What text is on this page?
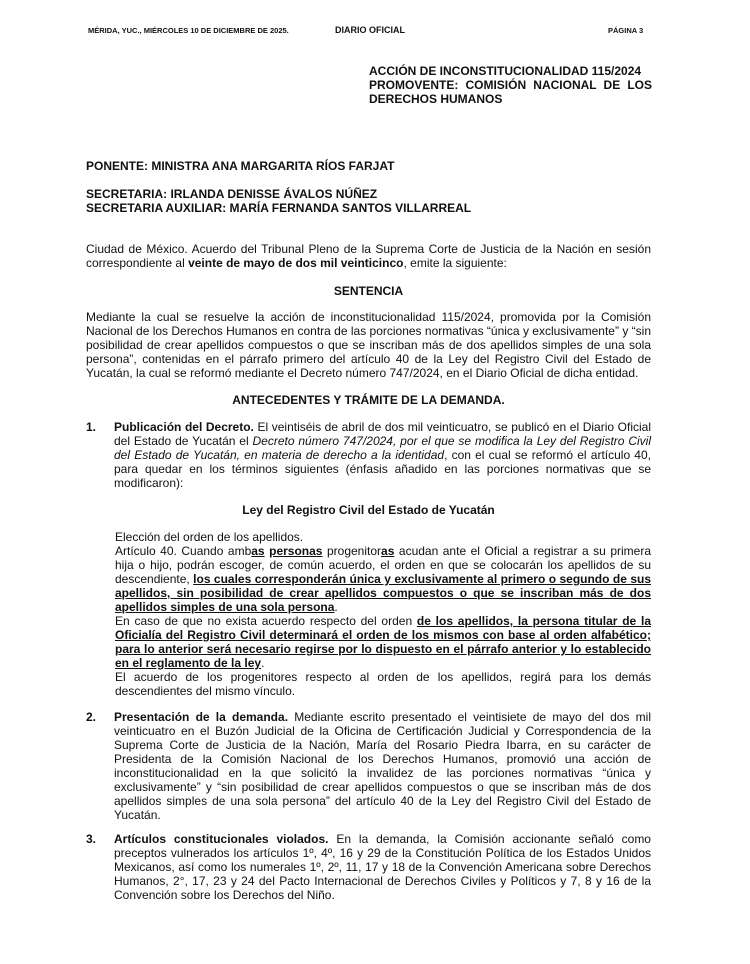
MÉRIDA, YUC., MIÉRCOLES 10 DE DICIEMBRE DE 2025.	DIARIO OFICIAL	PÁGINA 3
ACCIÓN DE INCONSTITUCIONALIDAD 115/2024
PROMOVENTE: COMISIÓN NACIONAL DE LOS DERECHOS HUMANOS
PONENTE: MINISTRA ANA MARGARITA RÍOS FARJAT
SECRETARIA: IRLANDA DENISSE ÁVALOS NÚÑEZ
SECRETARIA AUXILIAR: MARÍA FERNANDA SANTOS VILLARREAL
Ciudad de México. Acuerdo del Tribunal Pleno de la Suprema Corte de Justicia de la Nación en sesión correspondiente al veinte de mayo de dos mil veinticinco, emite la siguiente:
SENTENCIA
Mediante la cual se resuelve la acción de inconstitucionalidad 115/2024, promovida por la Comisión Nacional de los Derechos Humanos en contra de las porciones normativas “única y exclusivamente” y “sin posibilidad de crear apellidos compuestos o que se inscriban más de dos apellidos simples de una sola persona”, contenidas en el párrafo primero del artículo 40 de la Ley del Registro Civil del Estado de Yucatán, la cual se reformó mediante el Decreto número 747/2024, en el Diario Oficial de dicha entidad.
ANTECEDENTES Y TRÁMITE DE LA DEMANDA.
1. Publicación del Decreto. El veintiséis de abril de dos mil veinticuatro, se publicó en el Diario Oficial del Estado de Yucatán el Decreto número 747/2024, por el que se modifica la Ley del Registro Civil del Estado de Yucatán, en materia de derecho a la identidad, con el cual se reformó el artículo 40, para quedar en los términos siguientes (énfasis añadido en las porciones normativas que se modificaron):
Ley del Registro Civil del Estado de Yucatán

Elección del orden de los apellidos.

Artículo 40. Cuando ambas personas progenitoras acudan ante el Oficial a registrar a su primera hija o hijo, podrán escoger, de común acuerdo, el orden en que se colocarán los apellidos de su descendiente, los cuales corresponderán única y exclusivamente al primero o segundo de sus apellidos, sin posibilidad de crear apellidos compuestos o que se inscriban más de dos apellidos simples de una sola persona.

En caso de que no exista acuerdo respecto del orden de los apellidos, la persona titular de la Oficialía del Registro Civil determinará el orden de los mismos con base al orden alfabético; para lo anterior será necesario regirse por lo dispuesto en el párrafo anterior y lo establecido en el reglamento de la ley.

El acuerdo de los progenitores respecto al orden de los apellidos, regirá para los demás descendientes del mismo vínculo.

2. Presentación de la demanda. Mediante escrito presentado el veintisiete de mayo del dos mil veinticuatro en el Buzón Judicial de la Oficina de Certificación Judicial y Correspondencia de la Suprema Corte de Justicia de la Nación, María del Rosario Piedra Ibarra, en su carácter de Presidenta de la Comisión Nacional de los Derechos Humanos, promovió una acción de inconstitucionalidad en la que solicitó la invalidez de las porciones normativas “única y exclusivamente” y “sin posibilidad de crear apellidos compuestos o que se inscriban más de dos apellidos simples de una sola persona” del artículo 40 de la Ley del Registro Civil del Estado de Yucatán.
3. Artículos constitucionales violados. En la demanda, la Comisión accionante señaló como preceptos vulnerados los artículos 1º, 4º, 16 y 29 de la Constitución Política de los Estados Unidos Mexicanos, así como los numerales 1º, 2º, 11, 17 y 18 de la Convención Americana sobre Derechos Humanos, 2°, 17, 23 y 24 del Pacto Internacional de Derechos Civiles y Políticos y 7, 8 y 16 de la Convención sobre los Derechos del Niño.
